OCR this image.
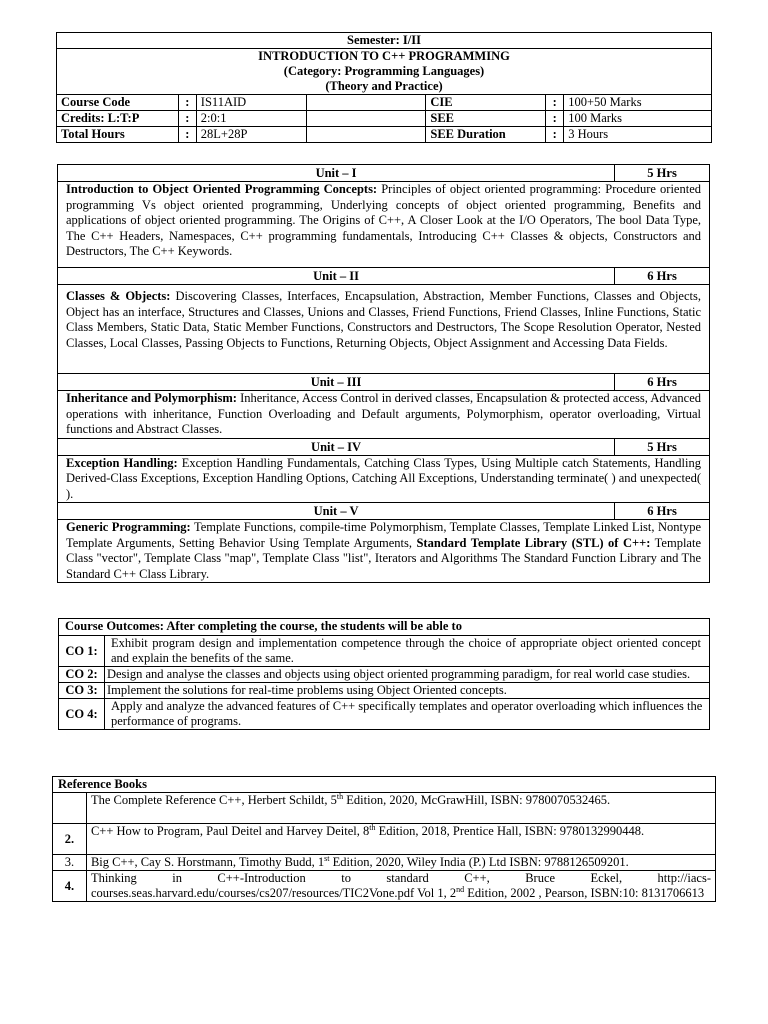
Semester: I/II						

INTRODUCTION TO C++ PROGRAMMING
(Category: Programming Languages)
(Theory and Practice)						

Course Code	:	IS11AID		CIE	:	100+50 Marks
Credits: L:T:P	:	2:0:1		SEE	:	100 Marks
Total Hours	:	28L+28P		SEE Duration	:	3 Hours
Unit – I	5 Hrs
Introduction to Object Oriented Programming Concepts: Principles of object oriented programming: Procedure oriented programming Vs object oriented programming, Underlying concepts of object oriented programming, Benefits and applications of object oriented programming. The Origins of C++, A Closer Look at the I/O Operators, The bool Data Type, The C++ Headers, Namespaces, C++ programming fundamentals, Introducing C++ Classes & objects, Constructors and Destructors, The C++ Keywords.	
Unit – II	6 Hrs
Classes & Objects: Discovering Classes, Interfaces, Encapsulation, Abstraction, Member Functions, Classes and Objects, Object has an interface, Structures and Classes, Unions and Classes, Friend Functions, Friend Classes, Inline Functions, Static Class Members, Static Data, Static Member Functions, Constructors and Destructors, The Scope Resolution Operator, Nested Classes, Local Classes, Passing Objects to Functions, Returning Objects, Object Assignment and Accessing Data Fields.	
Unit – III	6 Hrs
Inheritance and Polymorphism: Inheritance, Access Control in derived classes, Encapsulation & protected access, Advanced operations with inheritance, Function Overloading and Default arguments, Polymorphism, operator overloading, Virtual functions and Abstract Classes.	
Unit – IV	5 Hrs
Exception Handling: Exception Handling Fundamentals, Catching Class Types, Using Multiple catch Statements, Handling Derived-Class Exceptions, Exception Handling Options, Catching All Exceptions, Understanding terminate( ) and unexpected( ).	
Unit – V	6 Hrs
Generic Programming: Template Functions, compile-time Polymorphism, Template Classes, Template Linked List, Nontype Template Arguments, Setting Behavior Using Template Arguments, Standard Template Library (STL) of C++: Template Class "vector", Template Class "map", Template Class "list", Iterators and Algorithms The Standard Function Library and The Standard C++ Class Library.	
Course Outcomes: After completing the course, the students will be able to	
CO 1:	Exhibit program design and implementation competence through the choice of appropriate object oriented concept and explain the benefits of the same.
CO 2:	Design and analyse the classes and objects using object oriented programming paradigm, for real world case studies.
CO 3:	Implement the solutions for real-time problems using Object Oriented concepts.
CO 4:	Apply and analyze the advanced features of C++ specifically templates and operator overloading which influences the performance of programs.
Reference Books	
	The Complete Reference C++, Herbert Schildt, 5th Edition, 2020, McGrawHill, ISBN: 9780070532465.
2.	C++ How to Program, Paul Deitel and Harvey Deitel, 8th Edition, 2018, Prentice Hall, ISBN: 9780132990448.
3.	Big C++, Cay S. Horstmann, Timothy Budd, 1st Edition, 2020, Wiley India (P.) Ltd ISBN: 9788126509201.
4.	Thinking in C++-Introduction to standard C++, Bruce Eckel, http://iacs-courses.seas.harvard.edu/courses/cs207/resources/TIC2Vone.pdf Vol 1, 2nd Edition, 2002 , Pearson, ISBN:10: 8131706613
